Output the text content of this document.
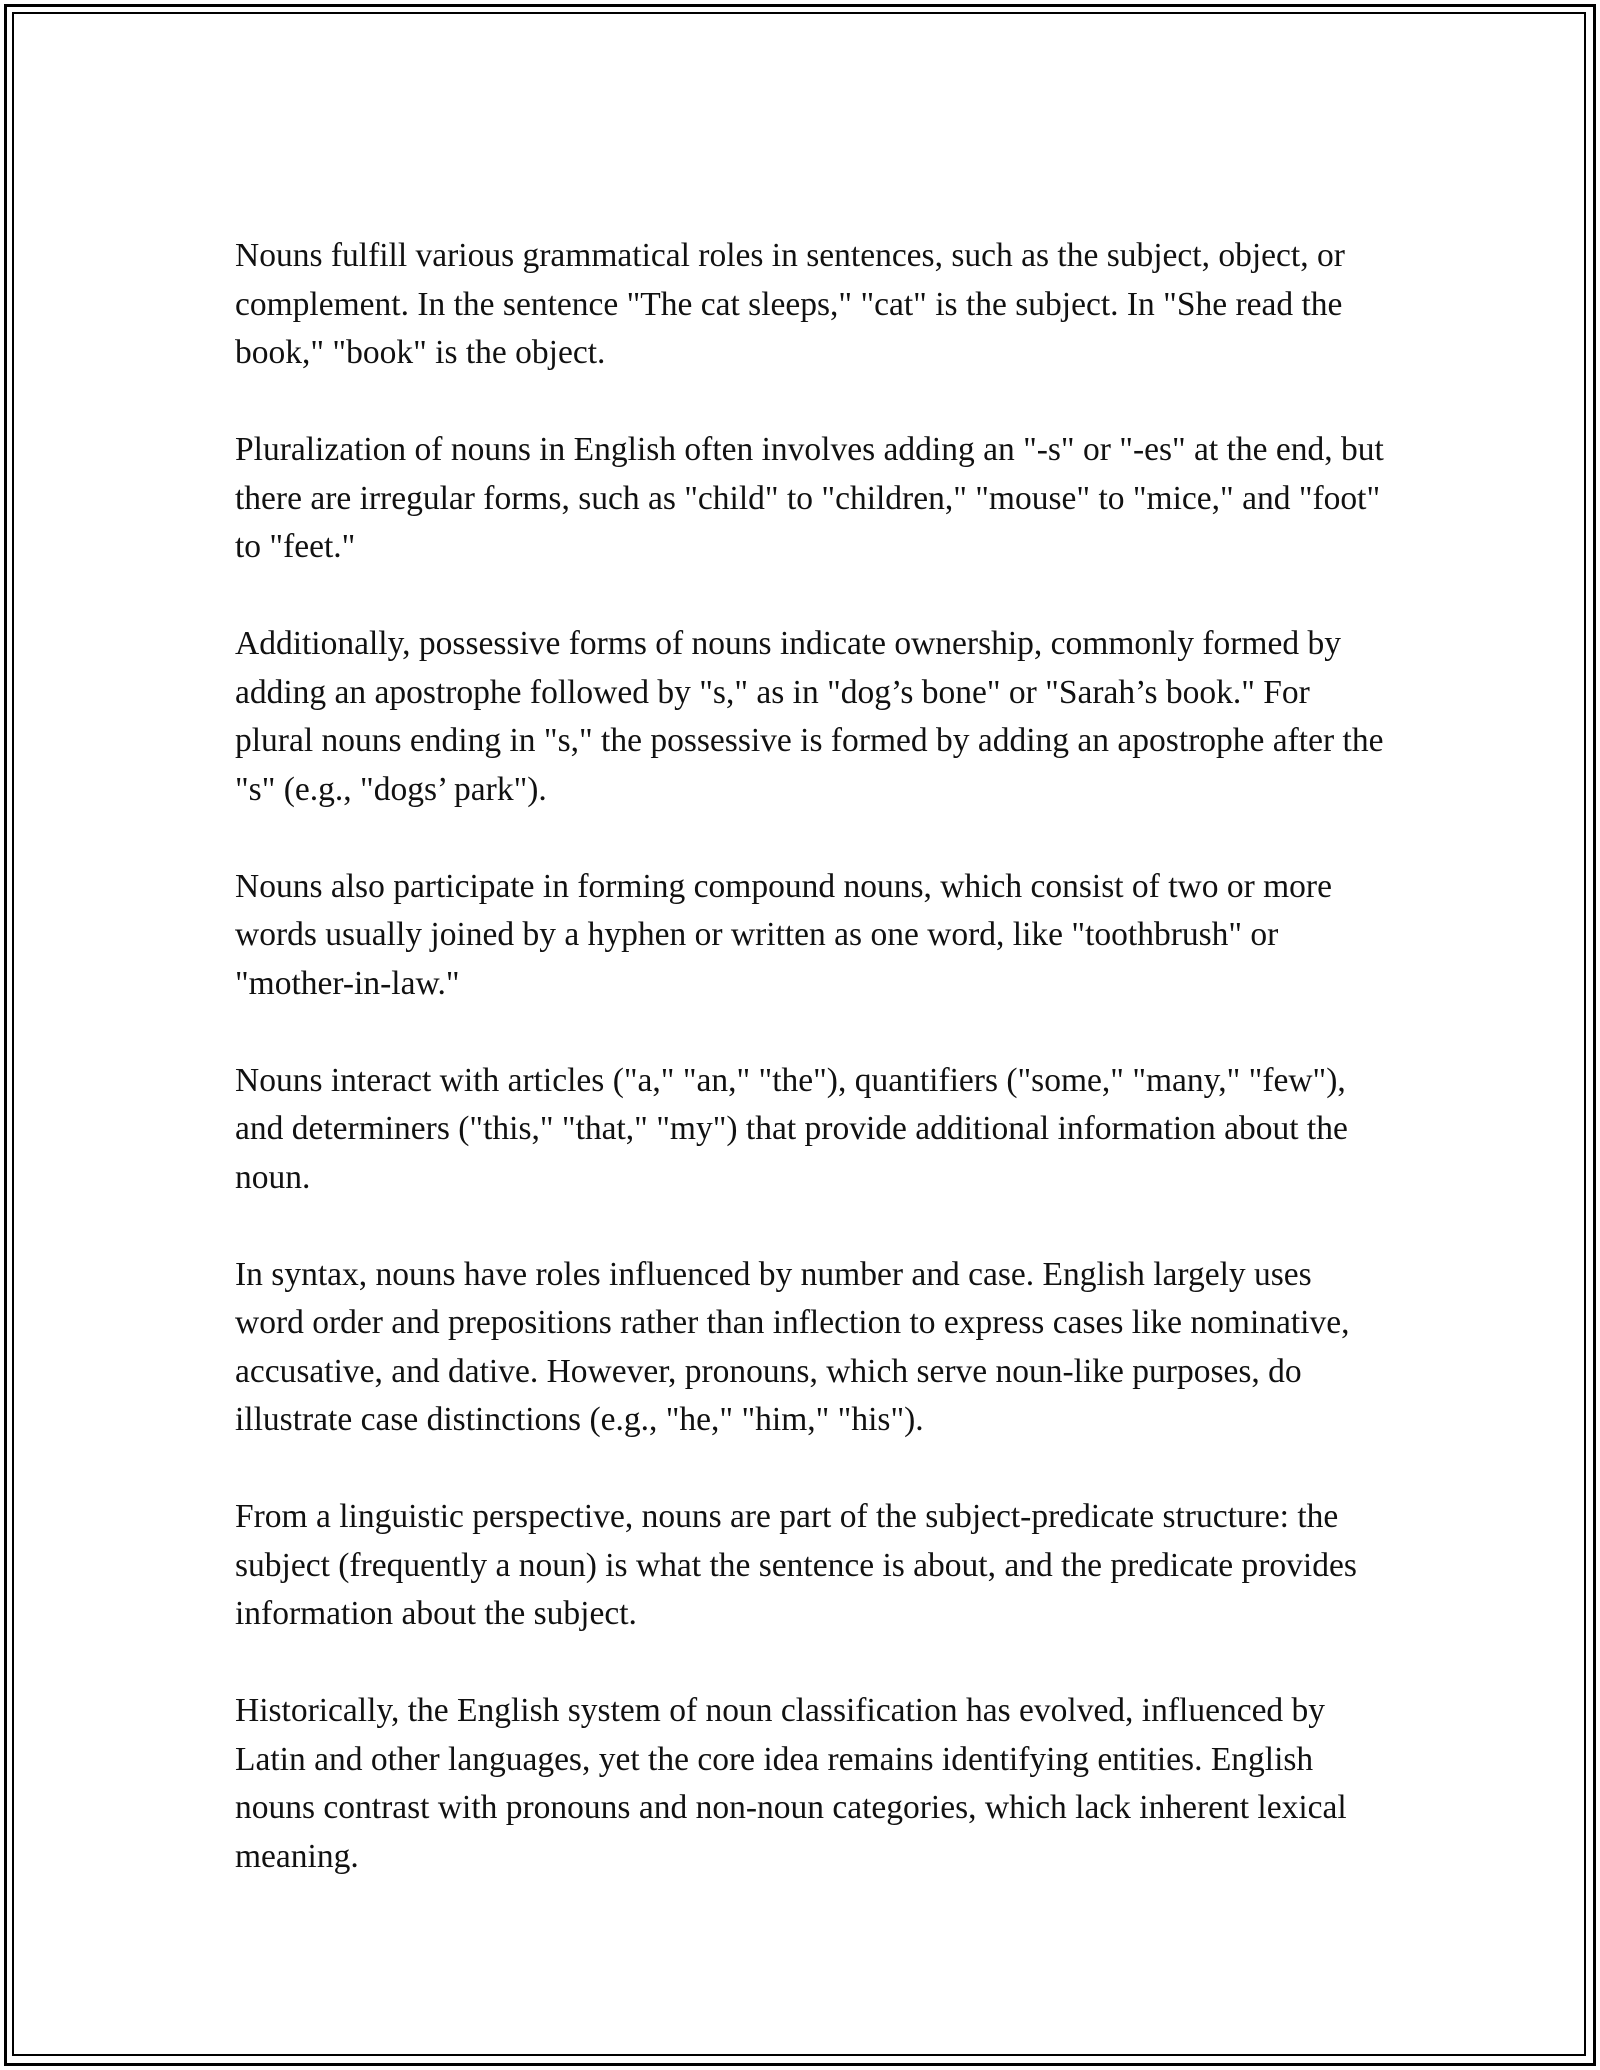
Nouns fulfill various grammatical roles in sentences, such as the subject, object, or complement. In the sentence "The cat sleeps," "cat" is the subject. In "She read the book," "book" is the object.

Pluralization of nouns in English often involves adding an "-s" or "-es" at the end, but there are irregular forms, such as "child" to "children," "mouse" to "mice," and "foot" to "feet."

Additionally, possessive forms of nouns indicate ownership, commonly formed by adding an apostrophe followed by "s," as in "dog’s bone" or "Sarah’s book." For plural nouns ending in "s," the possessive is formed by adding an apostrophe after the "s" (e.g., "dogs’ park").

Nouns also participate in forming compound nouns, which consist of two or more words usually joined by a hyphen or written as one word, like "toothbrush" or "mother-in-law."

Nouns interact with articles ("a," "an," "the"), quantifiers ("some," "many," "few"), and determiners ("this," "that," "my") that provide additional information about the noun.

In syntax, nouns have roles influenced by number and case. English largely uses word order and prepositions rather than inflection to express cases like nominative, accusative, and dative. However, pronouns, which serve noun-like purposes, do illustrate case distinctions (e.g., "he," "him," "his").

From a linguistic perspective, nouns are part of the subject-predicate structure: the subject (frequently a noun) is what the sentence is about, and the predicate provides information about the subject.

Historically, the English system of noun classification has evolved, influenced by Latin and other languages, yet the core idea remains identifying entities. English nouns contrast with pronouns and non-noun categories, which lack inherent lexical meaning.
